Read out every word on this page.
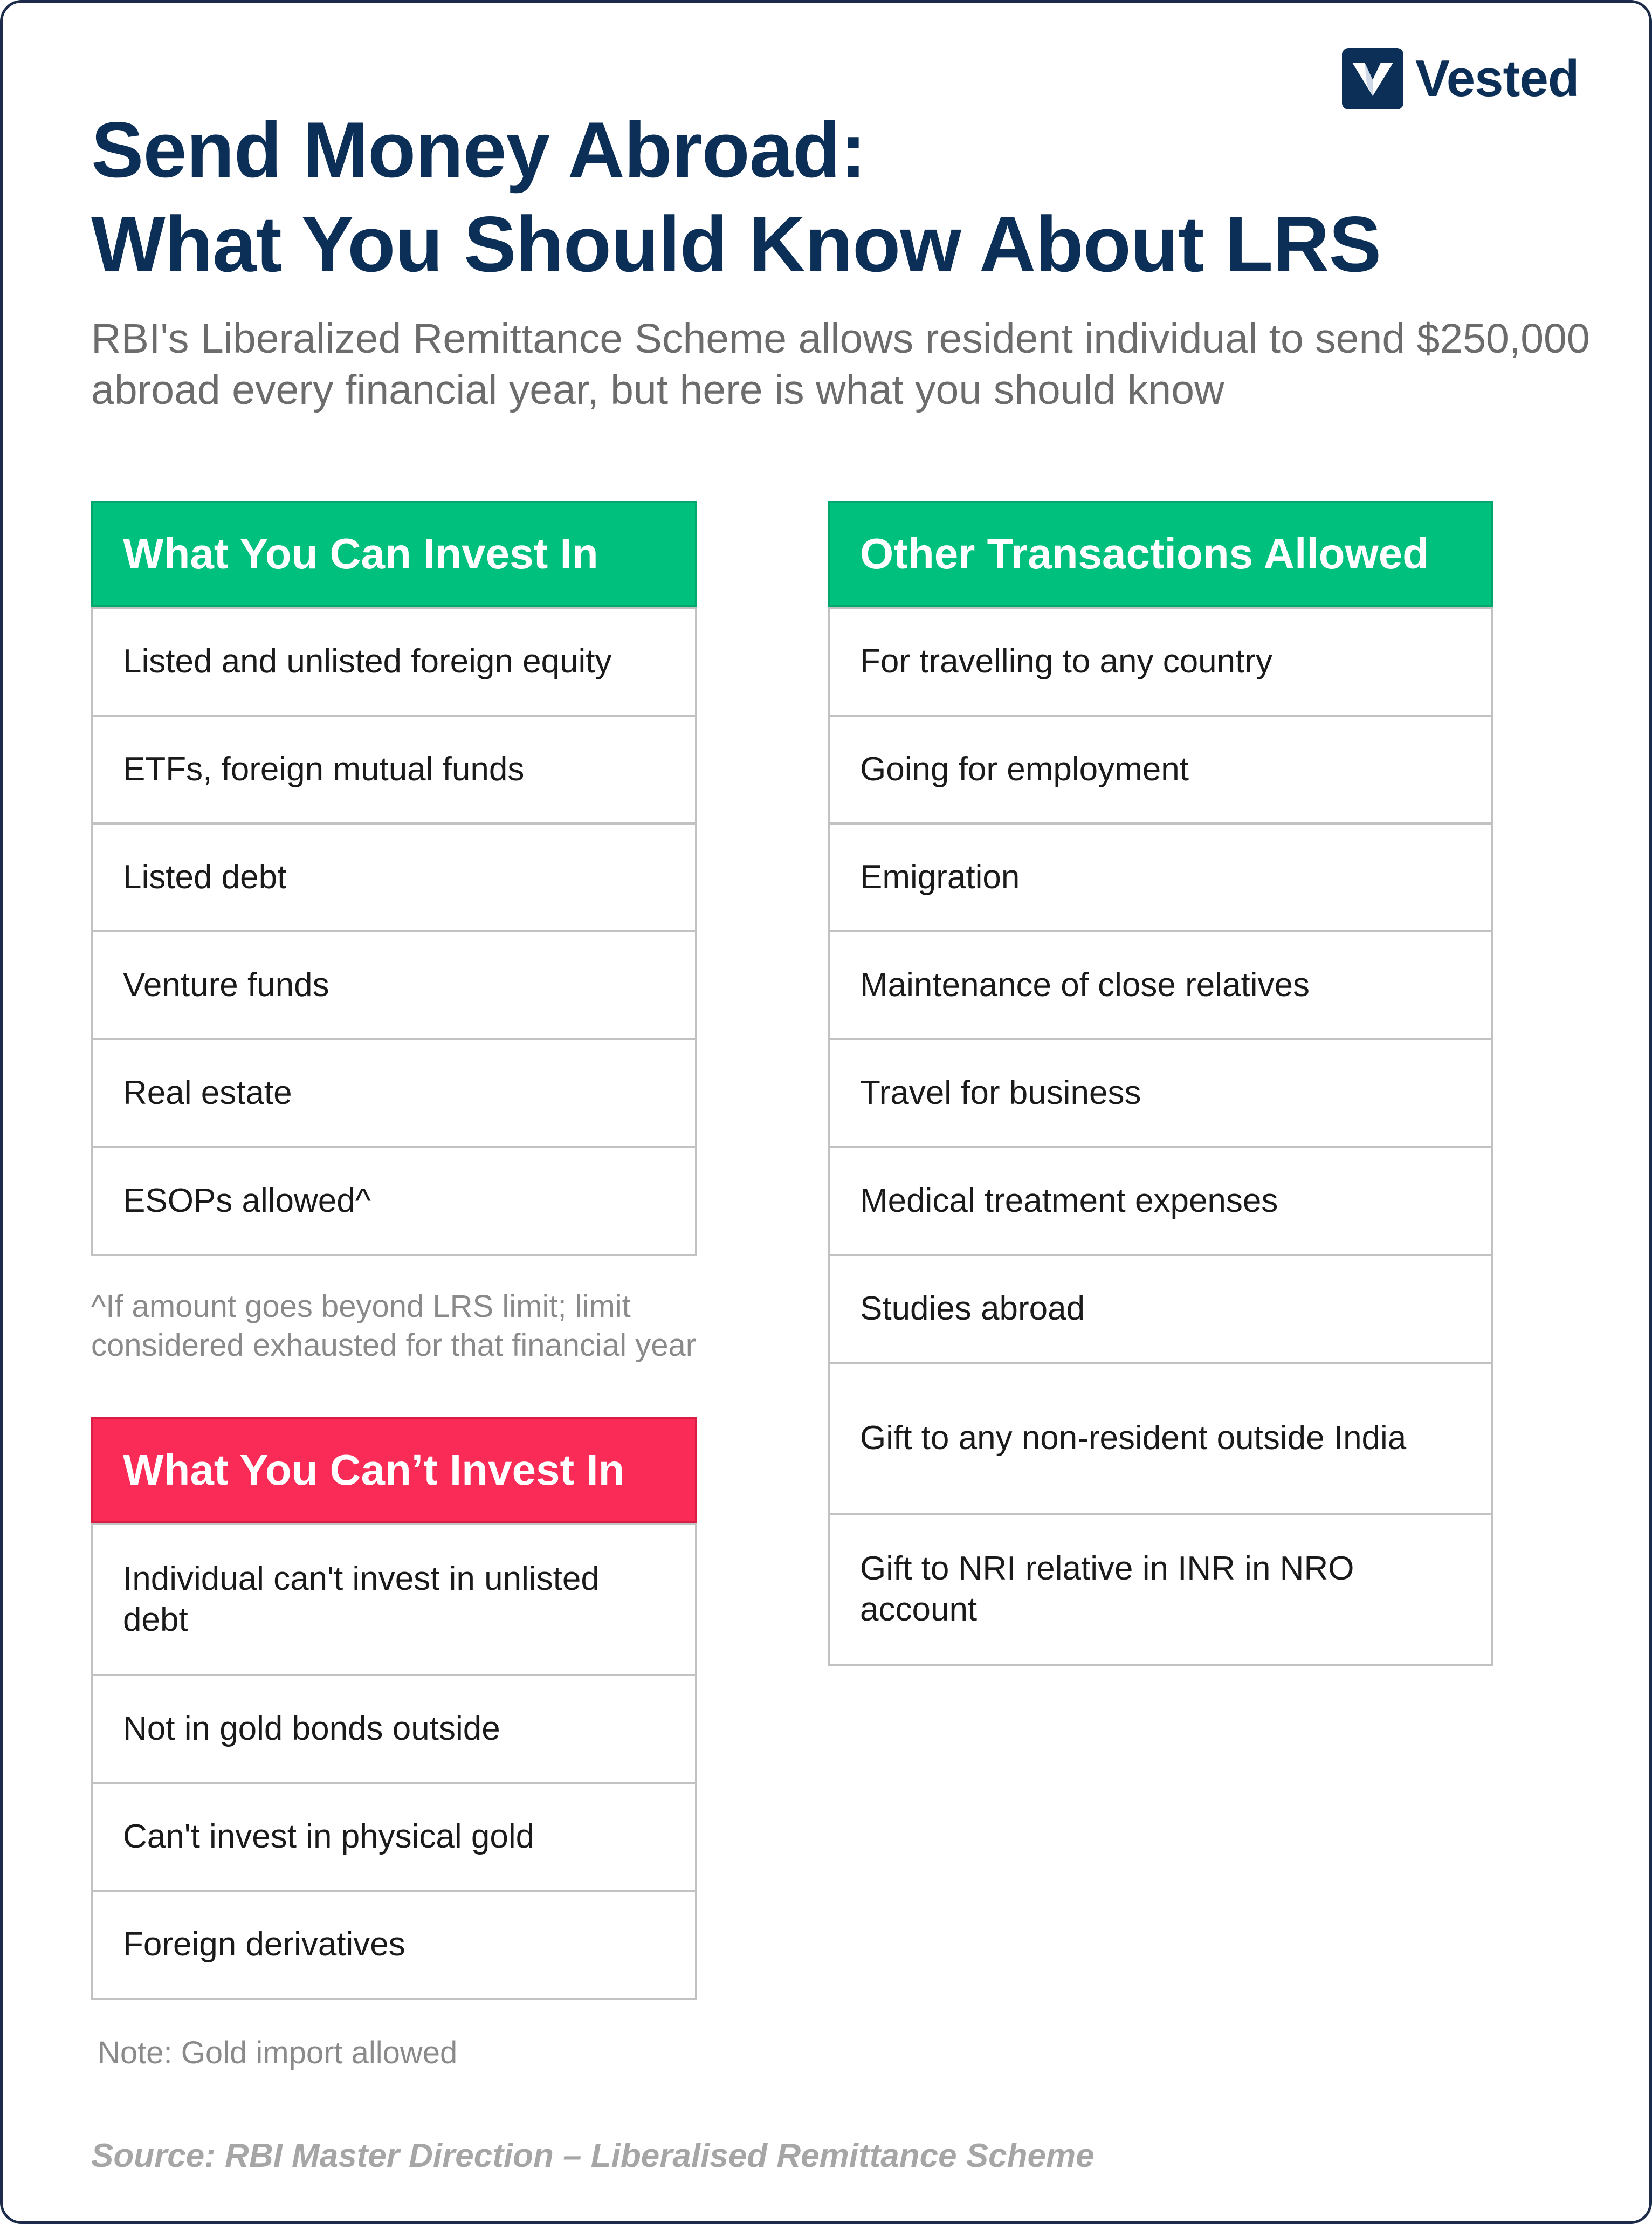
Vested
Send Money Abroad:
What You Should Know About LRS
RBI's Liberalized Remittance Scheme allows resident individual to send $250,000 abroad every financial year, but here is what you should know
What You Can Invest In
Listed and unlisted foreign equity
ETFs, foreign mutual funds
Listed debt
Venture funds
Real estate
ESOPs allowed^
^If amount goes beyond LRS limit; limit considered exhausted for that financial year
What You Can’t Invest In
Individual can't invest in unlisted debt
Not in gold bonds outside
Can't invest in physical gold
Foreign derivatives
Note: Gold import allowed
Other Transactions Allowed
For travelling to any country
Going for employment
Emigration
Maintenance of close relatives
Travel for business
Medical treatment expenses
Studies abroad
Gift to any non-resident outside India
Gift to NRI relative in INR in NRO account
Source: RBI Master Direction – Liberalised Remittance Scheme
